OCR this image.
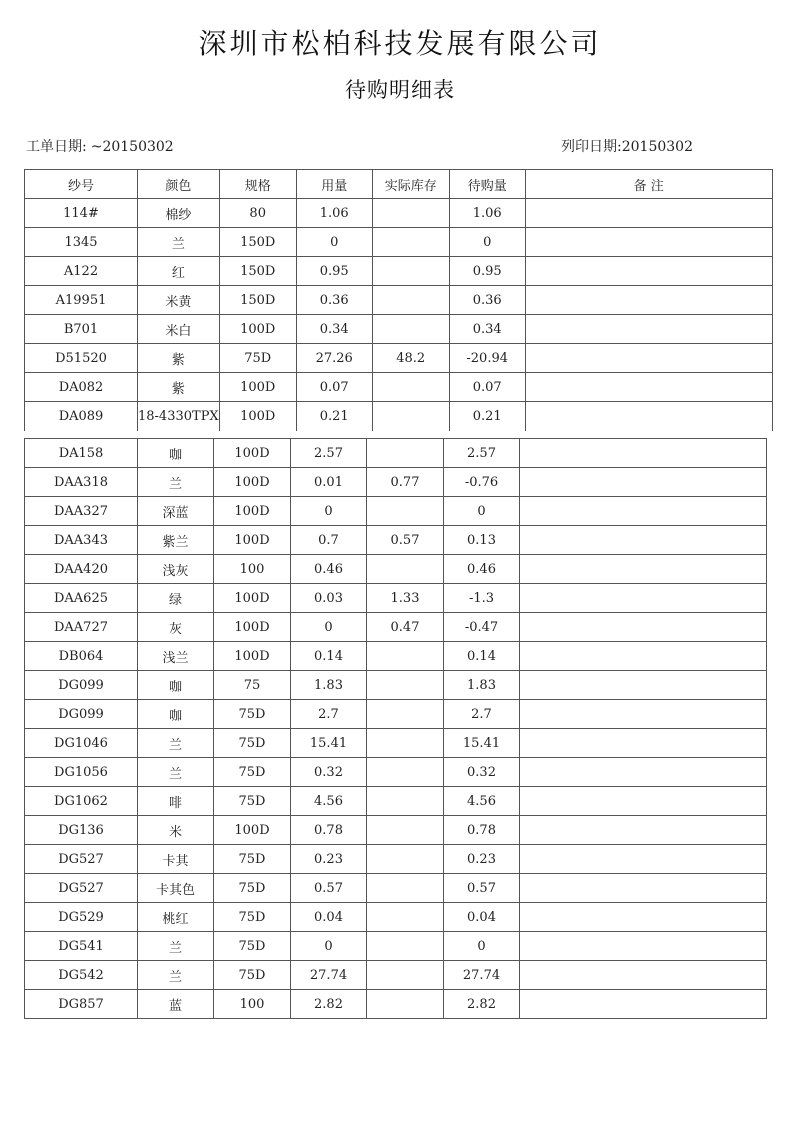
深圳市松柏科技发展有限公司
待购明细表
工单日期: ~20150302	列印日期:20150302
纱号	颜色	规格	用量	实际库存	待购量	备 注
114#	棉纱	80	1.06		1.06	
1345	兰	150D	0		0	
A122	红	150D	0.95		0.95	
A19951	米黄	150D	0.36		0.36	
B701	米白	100D	0.34		0.34	
D51520	紫	75D	27.26	48.2	-20.94	
DA082	紫	100D	0.07		0.07	
DA089	18-4330TPX	100D	0.21		0.21	
DA158	咖	100D	2.57		2.57	
DAA318	兰	100D	0.01	0.77	-0.76	
DAA327	深蓝	100D	0		0	
DAA343	紫兰	100D	0.7	0.57	0.13	
DAA420	浅灰	100	0.46		0.46	
DAA625	绿	100D	0.03	1.33	-1.3	
DAA727	灰	100D	0	0.47	-0.47	
DB064	浅兰	100D	0.14		0.14	
DG099	咖	75	1.83		1.83	
DG099	咖	75D	2.7		2.7	
DG1046	兰	75D	15.41		15.41	
DG1056	兰	75D	0.32		0.32	
DG1062	啡	75D	4.56		4.56	
DG136	米	100D	0.78		0.78	
DG527	卡其	75D	0.23		0.23	
DG527	卡其色	75D	0.57		0.57	
DG529	桃红	75D	0.04		0.04	
DG541	兰	75D	0		0	
DG542	兰	75D	27.74		27.74	
DG857	蓝	100	2.82		2.82	
